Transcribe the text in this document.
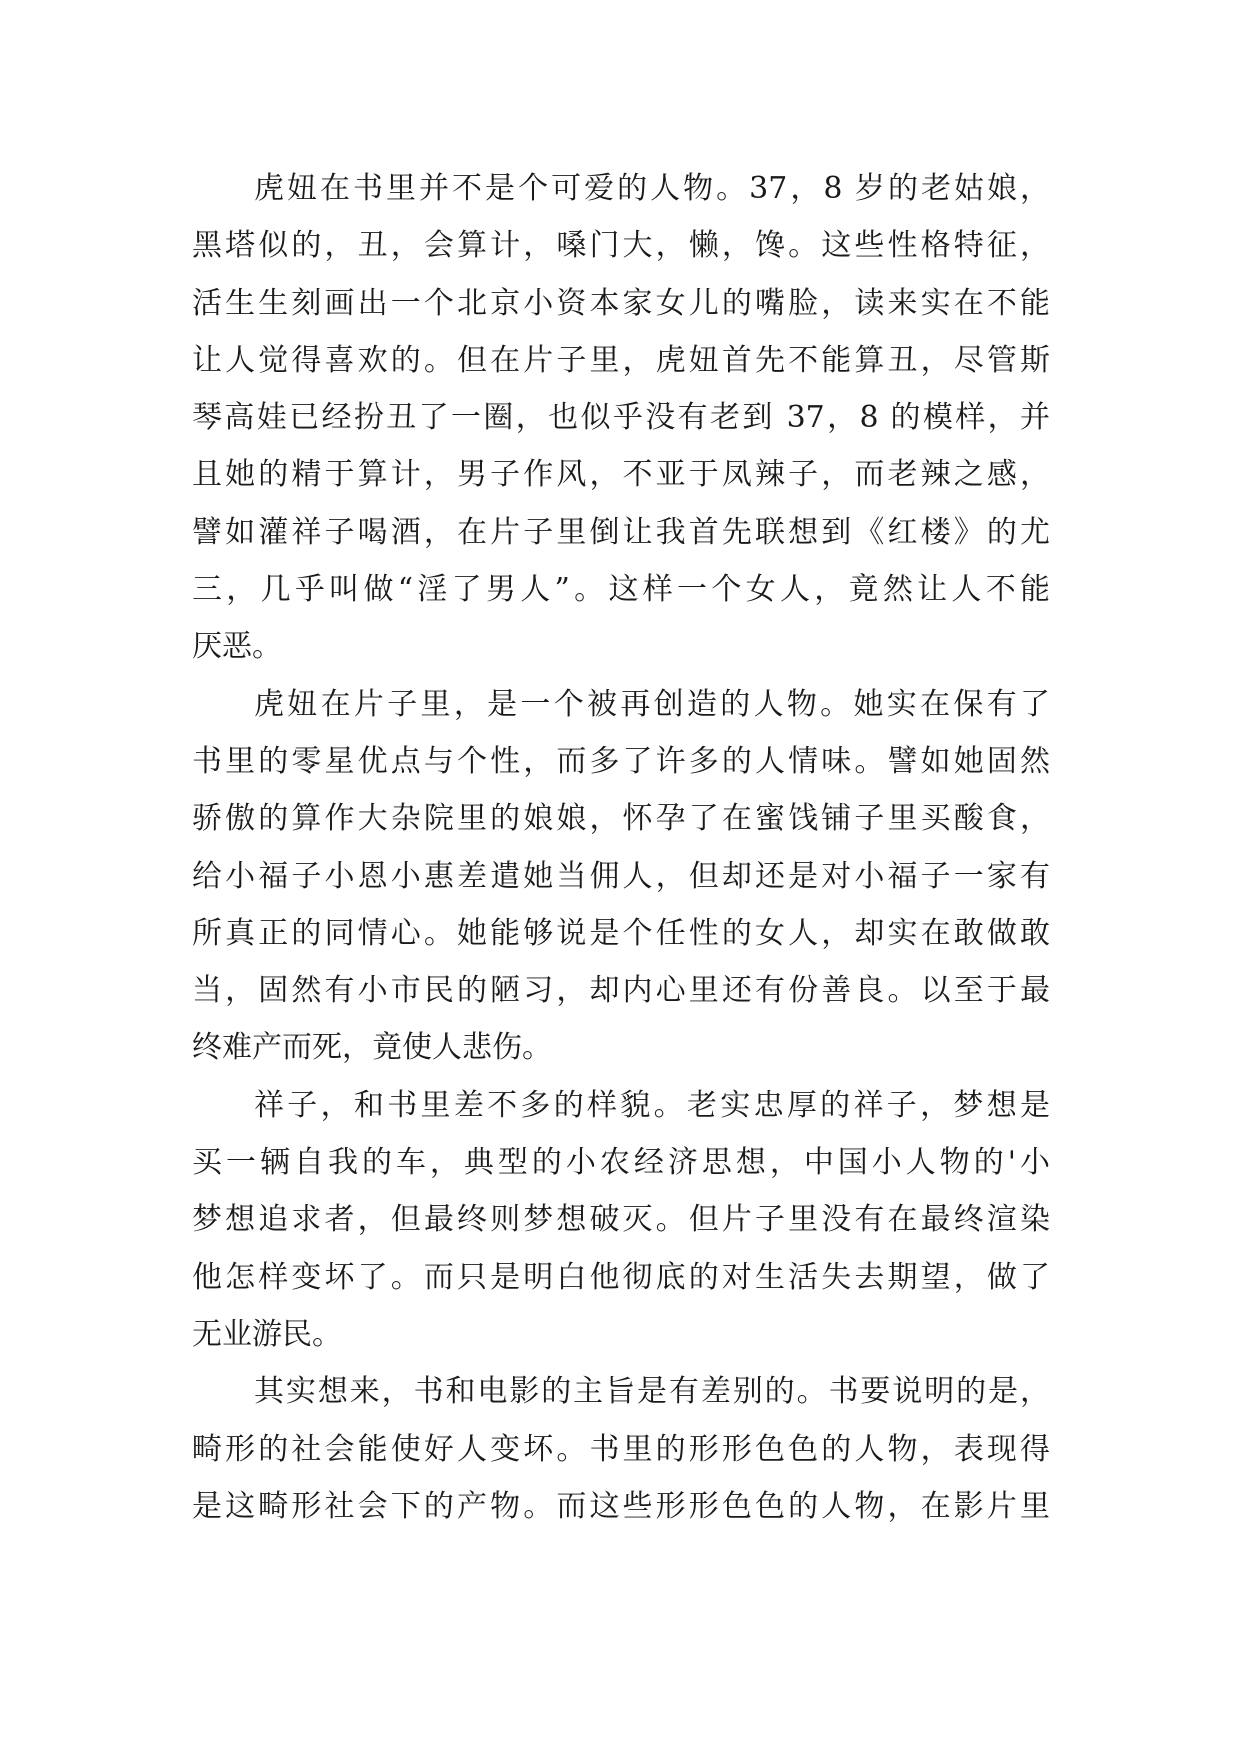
虎妞在书里并不是个可爱的人物。37，8 岁的老姑娘，
黑塔似的，丑，会算计，嗓门大，懒，馋。这些性格特征，
活生生刻画出一个北京小资本家女儿的嘴脸，读来实在不能
让人觉得喜欢的。但在片子里，虎妞首先不能算丑，尽管斯
琴高娃已经扮丑了一圈，也似乎没有老到 37，8 的模样，并
且她的精于算计，男子作风，不亚于凤辣子，而老辣之感，
譬如灌祥子喝酒，在片子里倒让我首先联想到《红楼》的尤
三，几乎叫做“淫了男人”。这样一个女人，竟然让人不能
厌恶。
虎妞在片子里，是一个被再创造的人物。她实在保有了
书里的零星优点与个性，而多了许多的人情味。譬如她固然
骄傲的算作大杂院里的娘娘，怀孕了在蜜饯铺子里买酸食，
给小福子小恩小惠差遣她当佣人，但却还是对小福子一家有
所真正的同情心。她能够说是个任性的女人，却实在敢做敢
当，固然有小市民的陋习，却内心里还有份善良。以至于最
终难产而死，竟使人悲伤。
祥子，和书里差不多的样貌。老实忠厚的祥子，梦想是
买一辆自我的车，典型的小农经济思想，中国小人物的'小
梦想追求者，但最终则梦想破灭。但片子里没有在最终渲染
他怎样变坏了。而只是明白他彻底的对生活失去期望，做了
无业游民。
其实想来，书和电影的主旨是有差别的。书要说明的是，
畸形的社会能使好人变坏。书里的形形色色的人物，表现得
是这畸形社会下的产物。而这些形形色色的人物，在影片里
